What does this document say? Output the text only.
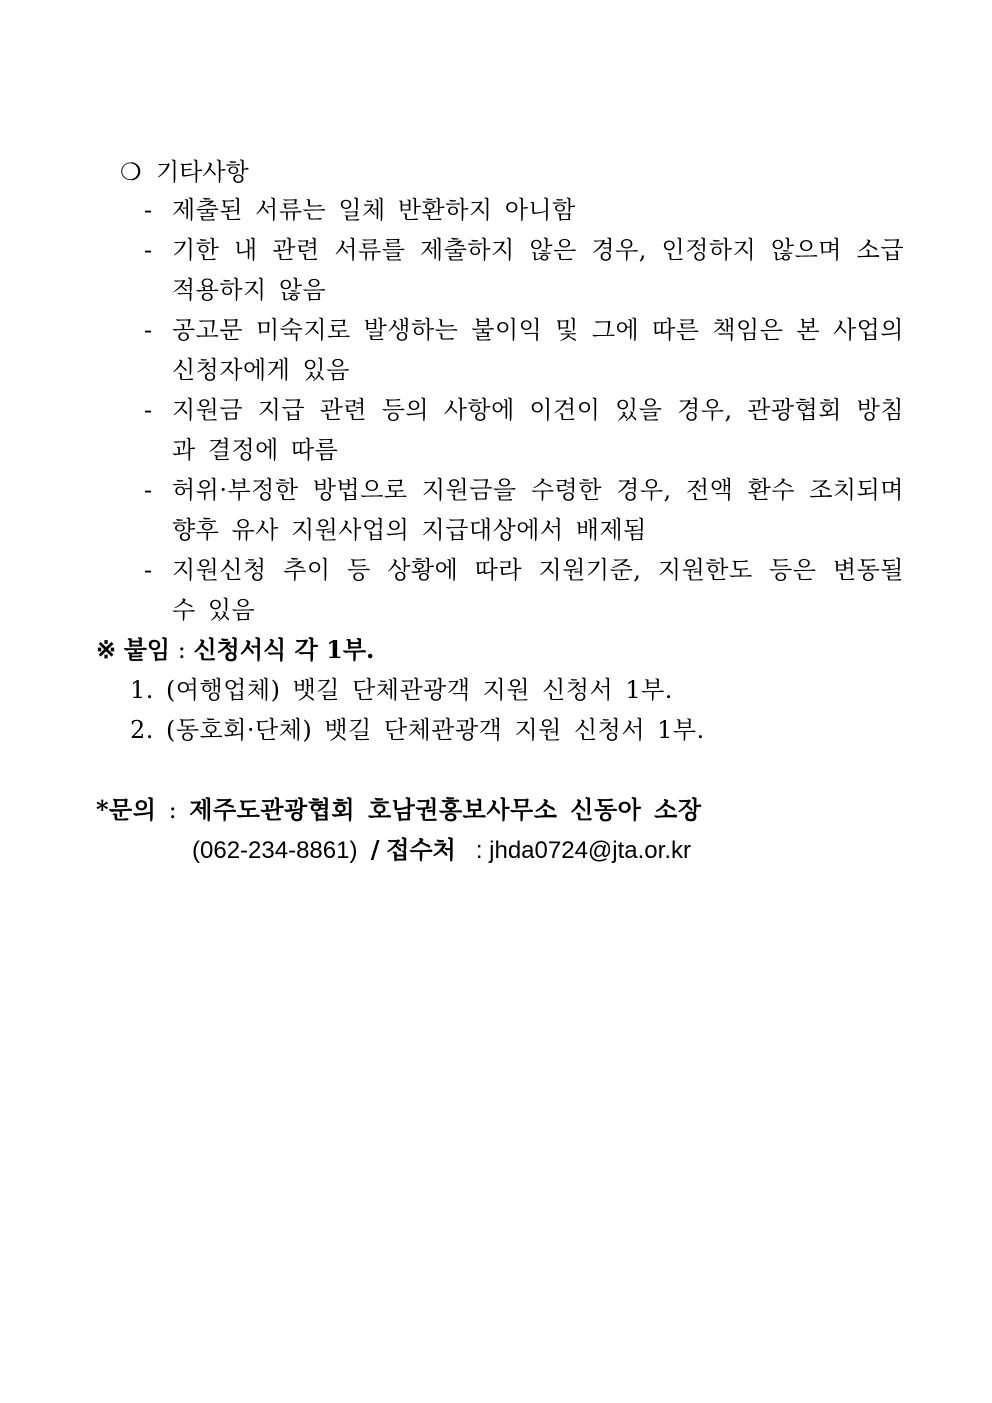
❍ 기타사항
- 제출된 서류는 일체 반환하지 아니함
- 기한 내 관련 서류를 제출하지 않은 경우, 인정하지 않으며 소급 적용하지 않음
- 공고문 미숙지로 발생하는 불이익 및 그에 따른 책임은 본 사업의 신청자에게 있음
- 지원금 지급 관련 등의 사항에 이견이 있을 경우, 관광협회 방침과 결정에 따름
- 허위·부정한 방법으로 지원금을 수령한 경우, 전액 환수 조치되며 향후 유사 지원사업의 지급대상에서 배제됨
- 지원신청 추이 등 상황에 따라 지원기준, 지원한도 등은 변동될 수 있음
※ 붙임 : 신청서식 각 1부.
1. (여행업체) 뱃길 단체관광객 지원 신청서 1부.
2. (동호회·단체) 뱃길 단체관광객 지원 신청서 1부.
*문의 : 제주도관광협회 호남권홍보사무소 신동아 소장
(062-234-8861) / 접수처 : jhda0724@jta.or.kr
